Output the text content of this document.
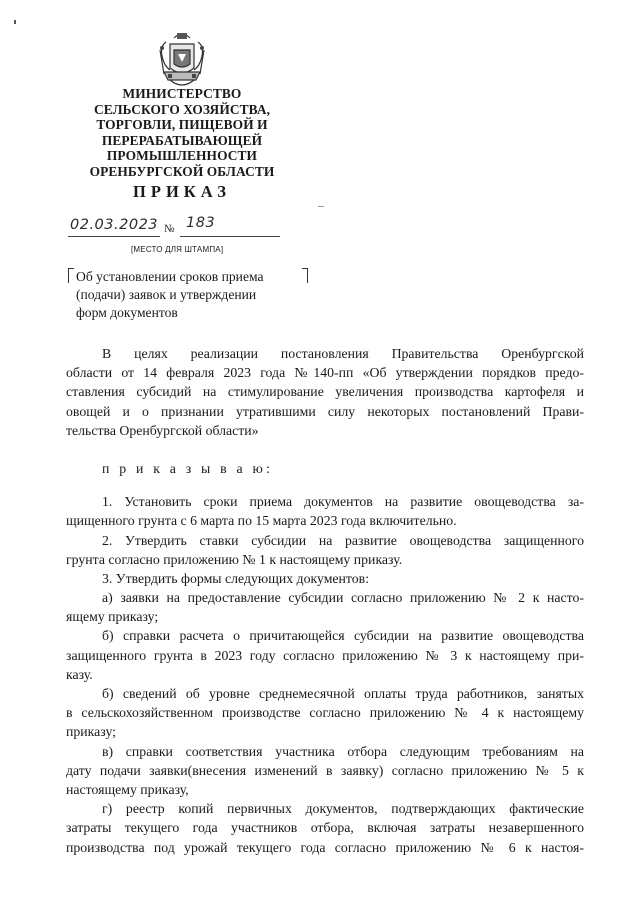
МИНИСТЕРСТВО
СЕЛЬСКОГО ХОЗЯЙСТВА,
ТОРГОВЛИ, ПИЩЕВОЙ И
ПЕРЕРАБАТЫВАЮЩЕЙ
ПРОМЫШЛЕННОСТИ
ОРЕНБУРГСКОЙ ОБЛАСТИ
ПРИКАЗ
02.03.2023 № 183
[МЕСТО ДЛЯ ШТАМПА]
Об установлении сроков приема
(подачи) заявок и утверждении
форм документов
В целях реализации постановления Правительства Оренбургской
области от 14 февраля 2023 года №140-пп «Об утверждении порядков предо-
ставления субсидий на стимулирование увеличения производства картофеля и
овощей и о признании утратившими силу некоторых постановлений Прави-
тельства Оренбургской области»
п р и к а з ы в а ю:
1. Установить сроки приема документов на развитие овощеводства за-
щищенного грунта с 6 марта по 15 марта 2023 года включительно.
2. Утвердить ставки субсидии на развитие овощеводства защищенного
грунта согласно приложению № 1 к настоящему приказу.
3. Утвердить формы следующих документов:
а) заявки на предоставление субсидии согласно приложению № 2 к насто-
ящему приказу;
б) справки расчета о причитающейся субсидии на развитие овощеводства
защищенного грунта в 2023 году согласно приложению № 3 к настоящему при-
казу.
б) сведений об уровне среднемесячной оплаты труда работников, занятых
в сельскохозяйственном производстве согласно приложению № 4 к настоящему
приказу;
в) справки соответствия участника отбора следующим требованиям на
дату подачи заявки(внесения изменений в заявку) согласно приложению № 5 к
настоящему приказу,
г) реестр копий первичных документов, подтверждающих фактические
затраты текущего года участников отбора, включая затраты незавершенного
производства под урожай текущего года согласно приложению № 6 к настоя-
